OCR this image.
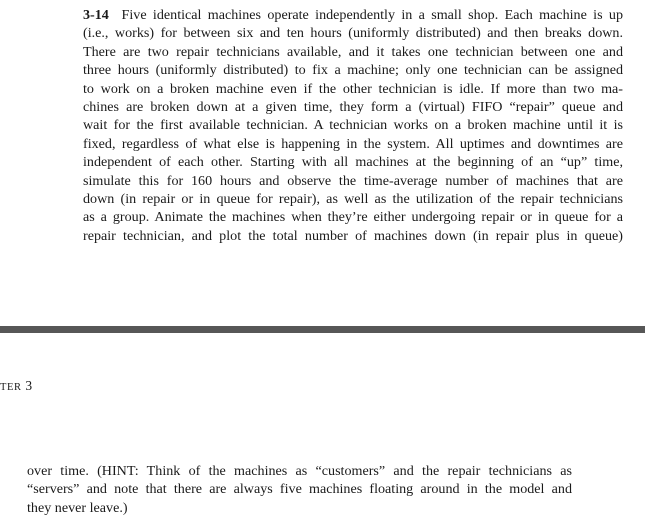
3-14 Five identical machines operate independently in a small shop. Each machine is up
(i.e., works) for between six and ten hours (uniformly distributed) and then breaks down.
There are two repair technicians available, and it takes one technician between one and
three hours (uniformly distributed) to fix a machine; only one technician can be assigned
to work on a broken machine even if the other technician is idle. If more than two ma-
chines are broken down at a given time, they form a (virtual) FIFO “repair” queue and
wait for the first available technician. A technician works on a broken machine until it is
fixed, regardless of what else is happening in the system. All uptimes and downtimes are
independent of each other. Starting with all machines at the beginning of an “up” time,
simulate this for 160 hours and observe the time-average number of machines that are
down (in repair or in queue for repair), as well as the utilization of the repair technicians
as a group. Animate the machines when they’re either undergoing repair or in queue for a
repair technician, and plot the total number of machines down (in repair plus in queue)
TER 3
over time. (HINT: Think of the machines as “customers” and the repair technicians as
“servers” and note that there are always five machines floating around in the model and
they never leave.)
